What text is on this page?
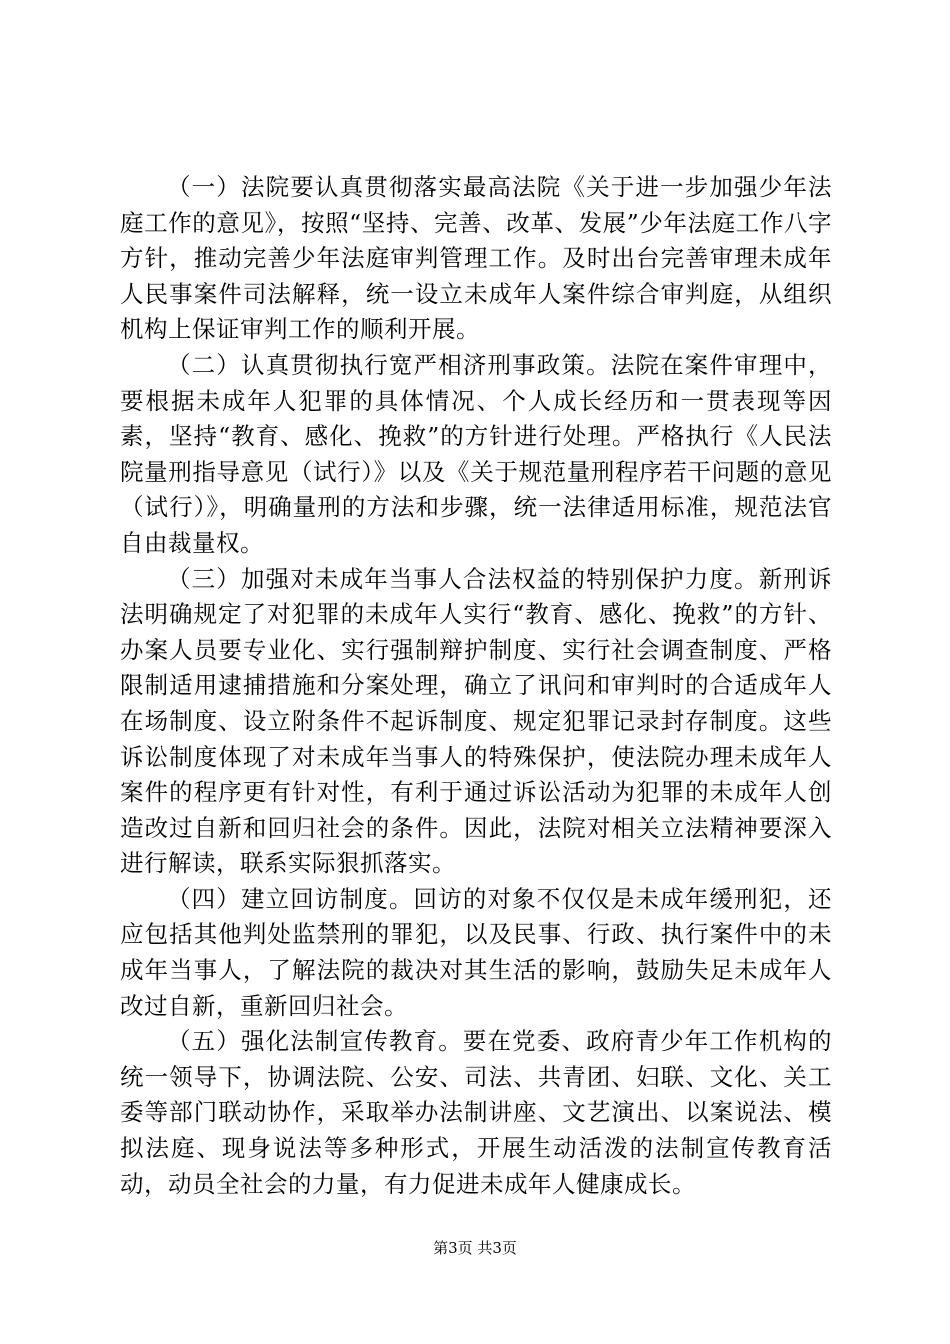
（一）法院要认真贯彻落实最高法院《关于进一步加强少年法庭工作的意见》，按照“坚持、完善、改革、发展”少年法庭工作八字方针，推动完善少年法庭审判管理工作。及时出台完善审理未成年人民事案件司法解释，统一设立未成年人案件综合审判庭，从组织机构上保证审判工作的顺利开展。

（二）认真贯彻执行宽严相济刑事政策。法院在案件审理中，要根据未成年人犯罪的具体情况、个人成长经历和一贯表现等因素，坚持“教育、感化、挽救”的方针进行处理。严格执行《人民法院量刑指导意见（试行）》以及《关于规范量刑程序若干问题的意见（试行）》，明确量刑的方法和步骤，统一法律适用标准，规范法官自由裁量权。

（三）加强对未成年当事人合法权益的特别保护力度。新刑诉法明确规定了对犯罪的未成年人实行“教育、感化、挽救”的方针、办案人员要专业化、实行强制辩护制度、实行社会调查制度、严格限制适用逮捕措施和分案处理，确立了讯问和审判时的合适成年人在场制度、设立附条件不起诉制度、规定犯罪记录封存制度。这些诉讼制度体现了对未成年当事人的特殊保护，使法院办理未成年人案件的程序更有针对性，有利于通过诉讼活动为犯罪的未成年人创造改过自新和回归社会的条件。因此，法院对相关立法精神要深入进行解读，联系实际狠抓落实。

（四）建立回访制度。回访的对象不仅仅是未成年缓刑犯，还应包括其他判处监禁刑的罪犯，以及民事、行政、执行案件中的未成年当事人，了解法院的裁决对其生活的影响，鼓励失足未成年人改过自新，重新回归社会。

（五）强化法制宣传教育。要在党委、政府青少年工作机构的统一领导下，协调法院、公安、司法、共青团、妇联、文化、关工委等部门联动协作，采取举办法制讲座、文艺演出、以案说法、模拟法庭、现身说法等多种形式，开展生动活泼的法制宣传教育活动，动员全社会的力量，有力促进未成年人健康成长。

第3页 共3页
